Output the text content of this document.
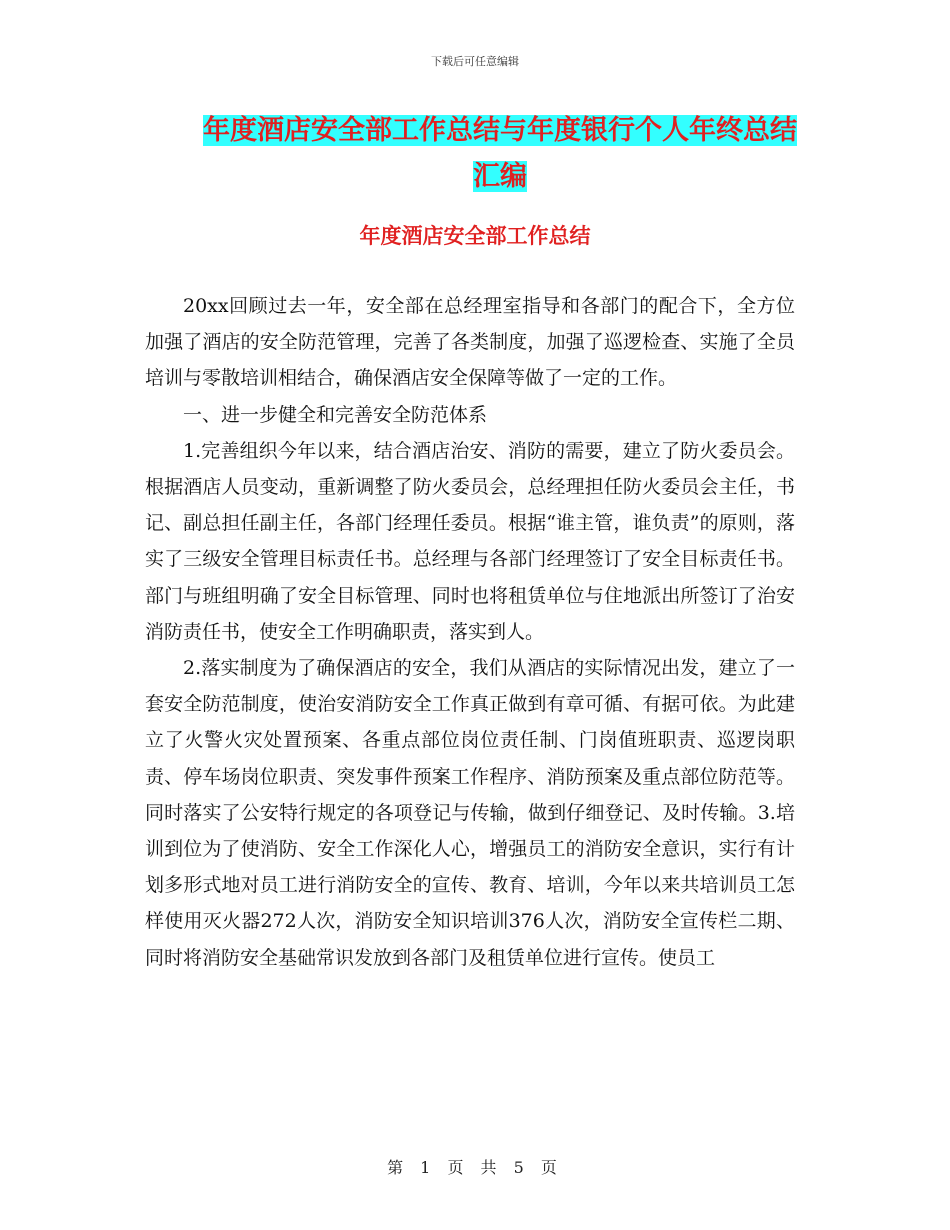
下载后可任意编辑
年度酒店安全部工作总结与年度银行个人年终总结汇编
年度酒店安全部工作总结

20xx回顾过去一年，安全部在总经理室指导和各部门的配合下，全方位加强了酒店的安全防范管理，完善了各类制度，加强了巡逻检查、实施了全员培训与零散培训相结合，确保酒店安全保障等做了一定的工作。

一、进一步健全和完善安全防范体系

1.完善组织今年以来，结合酒店治安、消防的需要，建立了防火委员会。根据酒店人员变动，重新调整了防火委员会，总经理担任防火委员会主任，书记、副总担任副主任，各部门经理任委员。根据“谁主管，谁负责”的原则，落实了三级安全管理目标责任书。总经理与各部门经理签订了安全目标责任书。部门与班组明确了安全目标管理、同时也将租赁单位与住地派出所签订了治安消防责任书，使安全工作明确职责，落实到人。

2.落实制度为了确保酒店的安全，我们从酒店的实际情况出发，建立了一套安全防范制度，使治安消防安全工作真正做到有章可循、有据可依。为此建立了火警火灾处置预案、各重点部位岗位责任制、门岗值班职责、巡逻岗职责、停车场岗位职责、突发事件预案工作程序、消防预案及重点部位防范等。同时落实了公安特行规定的各项登记与传输，做到仔细登记、及时传输。3.培训到位为了使消防、安全工作深化人心，增强员工的消防安全意识，实行有计划多形式地对员工进行消防安全的宣传、教育、培训，今年以来共培训员工怎样使用灭火器272人次，消防安全知识培训376人次，消防安全宣传栏二期、同时将消防安全基础常识发放到各部门及租赁单位进行宣传。使员工

第 1 页 共 5 页
